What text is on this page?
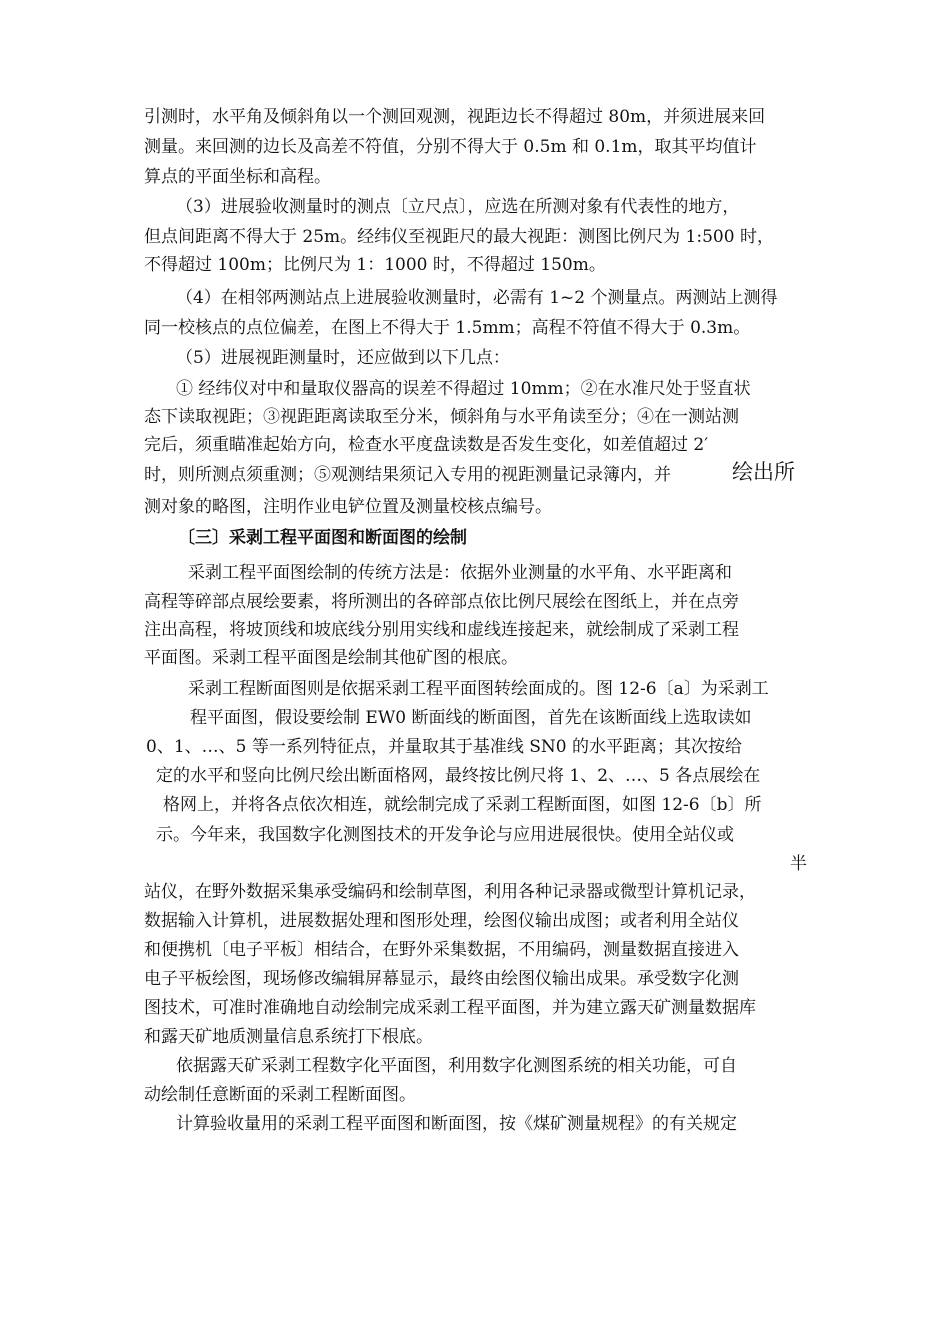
引测时，水平角及倾斜角以一个测回观测，视距边长不得超过 80m，并须进展来回
测量。来回测的边长及高差不符值，分别不得大于 0.5m 和 0.1m，取其平均值计
算点的平面坐标和高程。
（3）进展验收测量时的测点〔立尺点〕，应选在所测对象有代表性的地方，
但点间距离不得大于 25m。经纬仪至视距尺的最大视距：测图比例尺为 1:500 时，
不得超过 100m；比例尺为 1：1000 时，不得超过 150m。
（4）在相邻两测站点上进展验收测量时，必需有 1~2 个测量点。两测站上测得
同一校核点的点位偏差，在图上不得大于 1.5mm；高程不符值不得大于 0.3m。
（5）进展视距测量时，还应做到以下几点：
① 经纬仪对中和量取仪器高的误差不得超过 10mm；②在水准尺处于竖直状
态下读取视距；③视距距离读取至分米，倾斜角与水平角读至分；④在一测站测
完后，须重瞄准起始方向，检查水平度盘读数是否发生变化，如差值超过 2′
时，则所测点须重测；⑤观测结果须记入专用的视距测量记录簿内，并	绘出所
测对象的略图，注明作业电铲位置及测量校核点编号。
〔三〕采剥工程平面图和断面图的绘制
采剥工程平面图绘制的传统方法是：依据外业测量的水平角、水平距离和
高程等碎部点展绘要素，将所测出的各碎部点依比例尺展绘在图纸上，并在点旁
注出高程，将坡顶线和坡底线分别用实线和虚线连接起来，就绘制成了采剥工程
平面图。采剥工程平面图是绘制其他矿图的根底。
采剥工程断面图则是依据采剥工程平面图转绘面成的。图 12-6〔a〕为采剥工
程平面图，假设要绘制 EW0 断面线的断面图，首先在该断面线上选取读如
0、1、…、5 等一系列特征点，并量取其于基准线 SN0 的水平距离；其次按给
定的水平和竖向比例尺绘出断面格网，最终按比例尺将 1、2、…、5 各点展绘在
格网上，并将各点依次相连，就绘制完成了采剥工程断面图，如图 12-6〔b〕所
示。今年来，我国数字化测图技术的开发争论与应用进展很快。使用全站仪或
半
站仪，在野外数据采集承受编码和绘制草图，利用各种记录器或微型计算机记录，
数据输入计算机，进展数据处理和图形处理，绘图仪输出成图；或者利用全站仪
和便携机〔电子平板〕相结合，在野外采集数据，不用编码，测量数据直接进入
电子平板绘图，现场修改编辑屏幕显示，最终由绘图仪输出成果。承受数字化测
图技术，可准时准确地自动绘制完成采剥工程平面图，并为建立露天矿测量数据库
和露天矿地质测量信息系统打下根底。
依据露天矿采剥工程数字化平面图，利用数字化测图系统的相关功能，可自
动绘制任意断面的采剥工程断面图。
计算验收量用的采剥工程平面图和断面图，按《煤矿测量规程》的有关规定
